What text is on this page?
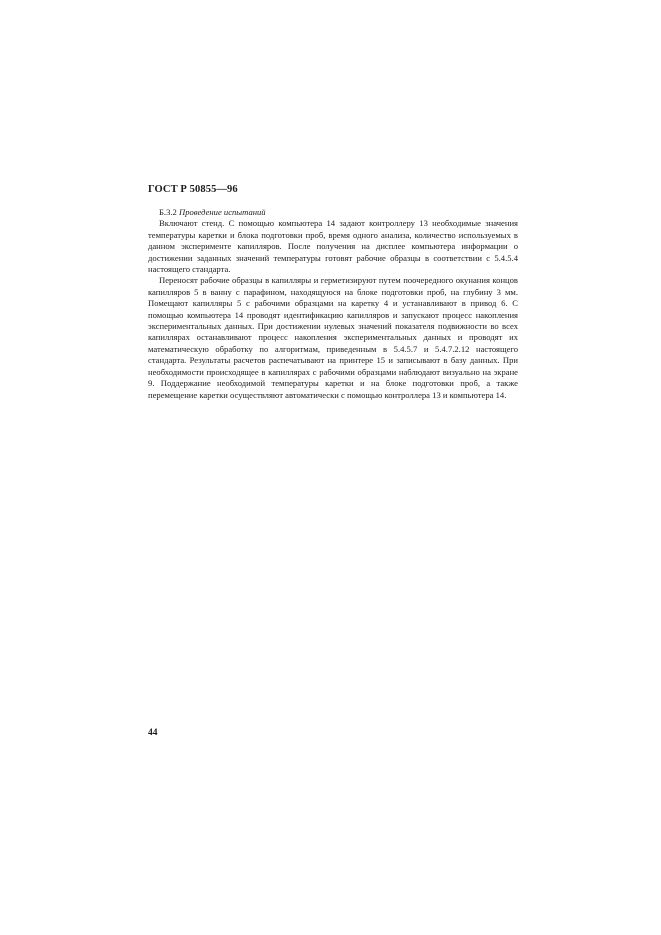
ГОСТ Р 50855—96
Б.3.2 Проведение испытаний

Включают стенд. С помощью компьютера 14 задают контроллеру 13 необходимые значения температуры каретки и блока подготовки проб, время одного анализа, количество используемых в данном эксперименте капилляров. После получения на дисплее компьютера информации о достижении заданных значений температуры готовят рабочие образцы в соответствии с 5.4.5.4 настоящего стандарта.

Переносят рабочие образцы в капилляры и герметизируют путем поочередного окунания концов капилляров 5 в ванну с парафином, находящуюся на блоке подготовки проб, на глубину 3 мм. Помещают капилляры 5 с рабочими образцами на каретку 4 и устанавливают в привод 6. С помощью компьютера 14 проводят идентификацию капилляров и запускают процесс накопления экспериментальных данных. При достижении нулевых значений показателя подвижности во всех капиллярах останавливают процесс накопления экспериментальных данных и проводят их математическую обработку по алгоритмам, приведенным в 5.4.5.7 и 5.4.7.2.12 настоящего стандарта. Результаты расчетов распечатывают на принтере 15 и записывают в базу данных. При необходимости происходящее в капиллярах с рабочими образцами наблюдают визуально на экране 9. Поддержание необходимой температуры каретки и на блоке подготовки проб, а также перемещение каретки осуществляют автоматически с помощью контроллера 13 и компьютера 14.

44
